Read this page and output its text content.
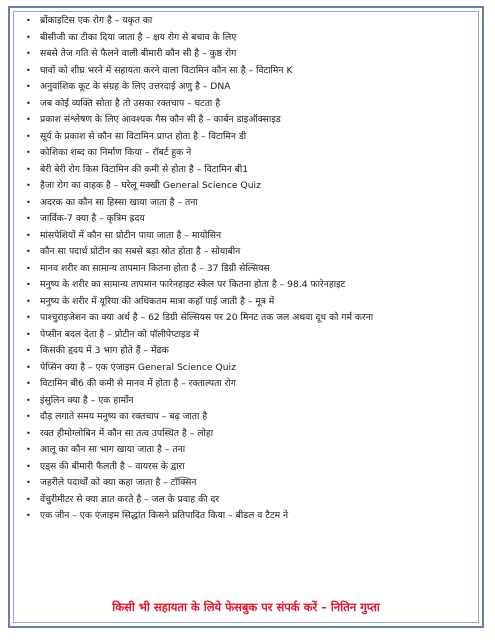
• ब्रोंकाइटिस एक रोग है – यकृत का
• बीसीजी का टीका दिया जाता है – क्षय रोग से बचाव के लिए
• सबसे तेज गति से फैलने वाली बीमारी कौन सी है – कुष्ठ रोग
• घावों को शीघ्र भरने में सहायता करने वाला विटामिन कौन सा है – विटामिन K
• अनुवांशिक कूट के संग्रह के लिए उत्तरदाई अणु है – DNA
• जब कोई व्यक्ति सोता है तो उसका रक्तचाप – घटता है
• प्रकाश संश्लेषण के लिए आवश्यक गैस कौन सी है – कार्बन डाइऑक्साइड
• सूर्य के प्रकाश से कौन सा विटामिन प्राप्त होता है – विटामिन डी
• कोशिका शब्द का निर्माण किया – रॉबर्ट हुक ने
• बेरी बेरी रोग किस विटामिन की कमी से होता है – विटामिन बी1
• हैजा रोग का वाहक है – घरेलू मक्खी General Science Quiz
• अदरक का कौन सा हिस्सा खाया जाता है – तना
• जार्विक-7 क्या है – कृत्रिम ह्रदय
• मांसपेशियों में कौन सा प्रोटीन पाया जाता है – मायोसिन
• कौन सा पदार्थ प्रोटीन का सबसे बड़ा स्रोत होता है – सोयाबीन
• मानव शरीर का सामान्य तापमान कितना होता है – 37 डिग्री सेल्सियस
• मनुष्य के शरीर का सामान्य तापमान फारेनहाइट स्केल पर कितना होता है – 98.4 फारेनहाइट
• मनुष्य के शरीर में यूरिया की अधिकतम मात्रा कहाँ पाई जाती है – मूत्र में
• पाश्चुराइजेशन का क्या अर्थ है – 62 डिग्री सेल्सियस पर 20 मिनट तक जल अथवा दूध को गर्म करना
• पेप्सीन बदल देता है – प्रोटीन को पॉलीपेप्टाइड में
• किसकी हृदय में 3 भाग होते हैं – मेंढक
• पेप्सिन क्या है – एक एंजाइम General Science Quiz
• विटामिन बी6 की कमी से मानव में होता है – रक्ताल्पता रोग
• इंसुलिन क्या है – एक हार्मोन
• दौड़ लगाते समय मनुष्य का रक्तचाप – बढ़ जाता है
• रक्त हीमोग्लोबिन में कौन सा तत्व उपस्थित है – लोहा
• आलू का कौन सा भाग खाया जाता है – तना
• एड्स की बीमारी फैलती है – वायरस के द्वारा
• जहरीले पदार्थों को क्या कहा जाता है – टॉक्सिन
• वेंचुरीमीटर से क्या ज्ञात करते है – जल के प्रवाह की दर
• एक जीन – एक एंजाइम सिद्धांत किसने प्रतिपादित किया – बीडल व टैटम ने
किसी भी सहायता के लिये फेसबुक पर संपर्क करें – नितिन गुप्ता
